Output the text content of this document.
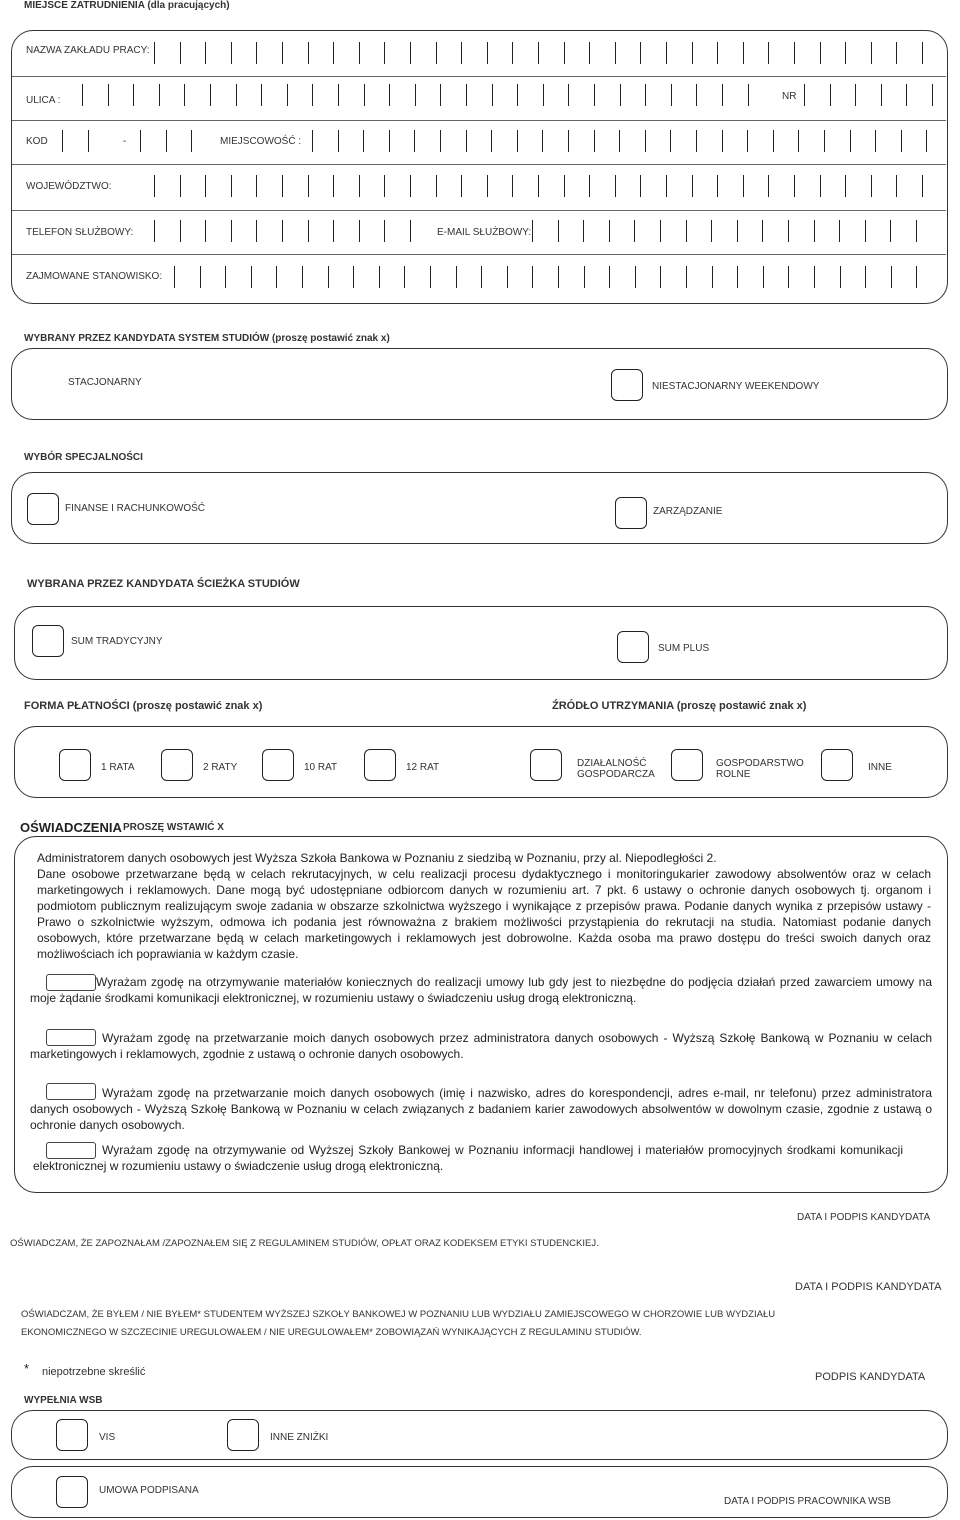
MIEJSCE ZATRUDNIENIA (dla pracujących)
NAZWA ZAKŁADU PRACY:
ULICA :	NR
KOD	-	MIEJSCOWOŚĆ :
WOJEWÓDZTWO:
TELEFON SŁUŻBOWY:	E-MAIL SŁUŻBOWY:
ZAJMOWANE STANOWISKO:
WYBRANY PRZEZ KANDYDATA SYSTEM STUDIÓW (proszę postawić znak x)
STACJONARNY	NIESTACJONARNY WEEKENDOWY
WYBÓR SPECJALNOŚCI
FINANSE I RACHUNKOWOŚĆ	ZARZĄDZANIE
WYBRANA PRZEZ KANDYDATA ŚCIEŻKA STUDIÓW
SUM TRADYCYJNY
SUM PLUS
FORMA PŁATNOŚCI (proszę postawić znak x)	ŹRÓDŁO UTRZYMANIA (proszę postawić znak x)
1 RATA	2 RATY	10 RAT	12 RAT	DZIAŁALNOŚĆ
GOSPODARCZA
GOSPODARSTWO
ROLNE
INNE
OŚWIADCZENIA PROSZĘ WSTAWIĆ X
Administratorem danych osobowych jest Wyższa Szkoła Bankowa w Poznaniu z siedzibą w Poznaniu, przy al. Niepodległości 2.
Dane osobowe przetwarzane będą w celach rekrutacyjnych, w celu realizacji procesu dydaktycznego i monitoringukarier zawodowy absolwentów oraz w celach marketingowych i reklamowych. Dane mogą być udostępniane odbiorcom danych w rozumieniu art. 7 pkt. 6 ustawy o ochronie danych osobowych tj. organom i podmiotom publicznym realizującym swoje zadania w obszarze szkolnictwa wyższego i wynikające z przepisów prawa. Podanie danych wynika z przepisów ustawy - Prawo o szkolnictwie wyższym, odmowa ich podania jest równoważna z brakiem możliwości przystąpienia do rekrutacji na studia. Natomiast podanie danych osobowych, które przetwarzane będą w celach marketingowych i reklamowych jest dobrowolne. Każda osoba ma prawo dostępu do treści swoich danych oraz możliwościach ich poprawiania w każdym czasie.
Wyrażam zgodę na otrzymywanie materiałów koniecznych do realizacji umowy lub gdy jest to niezbędne do podjęcia działań przed zawarciem umowy na moje żądanie środkami komunikacji elektronicznej, w rozumieniu ustawy o świadczeniu usług drogą elektroniczną.
Wyrażam zgodę na przetwarzanie moich danych osobowych przez administratora danych osobowych - Wyższą Szkołę Bankową w Poznaniu w celach marketingowych i reklamowych, zgodnie z ustawą o ochronie danych osobowych.
Wyrażam zgodę na przetwarzanie moich danych osobowych (imię i nazwisko, adres do korespondencji, adres e-mail, nr telefonu) przez administratora danych osobowych - Wyższą Szkołę Bankową w Poznaniu w celach związanych z badaniem karier zawodowych absolwentów w dowolnym czasie, zgodnie z ustawą o ochronie danych osobowych.
Wyrażam zgodę na otrzymywanie od Wyższej Szkoły Bankowej w Poznaniu informacji handlowej i materiałów promocyjnych środkami komunikacji elektronicznej w rozumieniu ustawy o świadczenie usług drogą elektroniczną.
DATA I PODPIS KANDYDATA
OŚWIADCZAM, ŻE ZAPOZNAŁAM /ZAPOZNAŁEM SIĘ Z REGULAMINEM STUDIÓW, OPŁAT ORAZ KODEKSEM ETYKI STUDENCKIEJ.
DATA I PODPIS KANDYDATA
OŚWIADCZAM, ŻE BYŁEM / NIE BYŁEM* STUDENTEM WYŻSZEJ SZKOŁY BANKOWEJ W POZNANIU LUB WYDZIAŁU ZAMIEJSCOWEGO W CHORZOWIE LUB WYDZIAŁU
EKONOMICZNEGO W SZCZECINIE UREGULOWAŁEM / NIE UREGULOWAŁEM* ZOBOWIĄZAŃ WYNIKAJĄCYCH Z REGULAMINU STUDIÓW.
* niepotrzebne skreślić	PODPIS KANDYDATA
WYPEŁNIA WSB
VIS	INNE ZNIŻKI
UMOWA PODPISANA
DATA I PODPIS PRACOWNIKA WSB
